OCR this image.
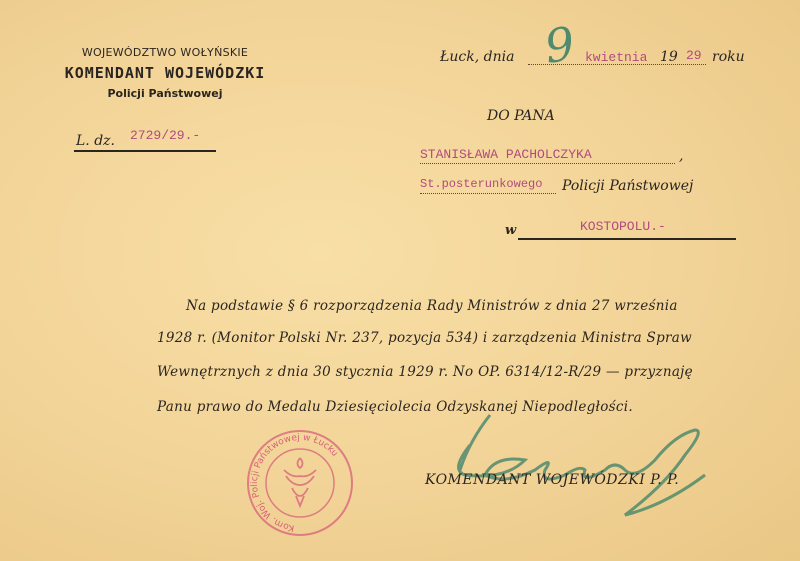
WOJEWÓDZTWO WOŁYŃSKIE
KOMENDANT WOJEWÓDZKI
Policji Państwowej
L. dz. 2729/29.-
Łuck, dnia 9 kwietnia 19 29 roku
DO PANA
STANISŁAWA PACHOLCZYKA	,
St.posterunkowego Policji Państwowej
w	KOSTOPOLU.-
Kom. Woj. Policji Państwowej w Łucku
Na podstawie § 6 rozporządzenia Rady Ministrów z dnia 27 września
1928 r. (Monitor Polski Nr. 237, pozycja 534) i zarządzenia Ministra Spraw
Wewnętrznych z dnia 30 stycznia 1929 r. No OP. 6314/12-R/29 — przyznaję
Panu prawo do Medalu Dziesięciolecia Odzyskanej Niepodległości.
KOMENDANT WOJEWÓDZKI P. P.
